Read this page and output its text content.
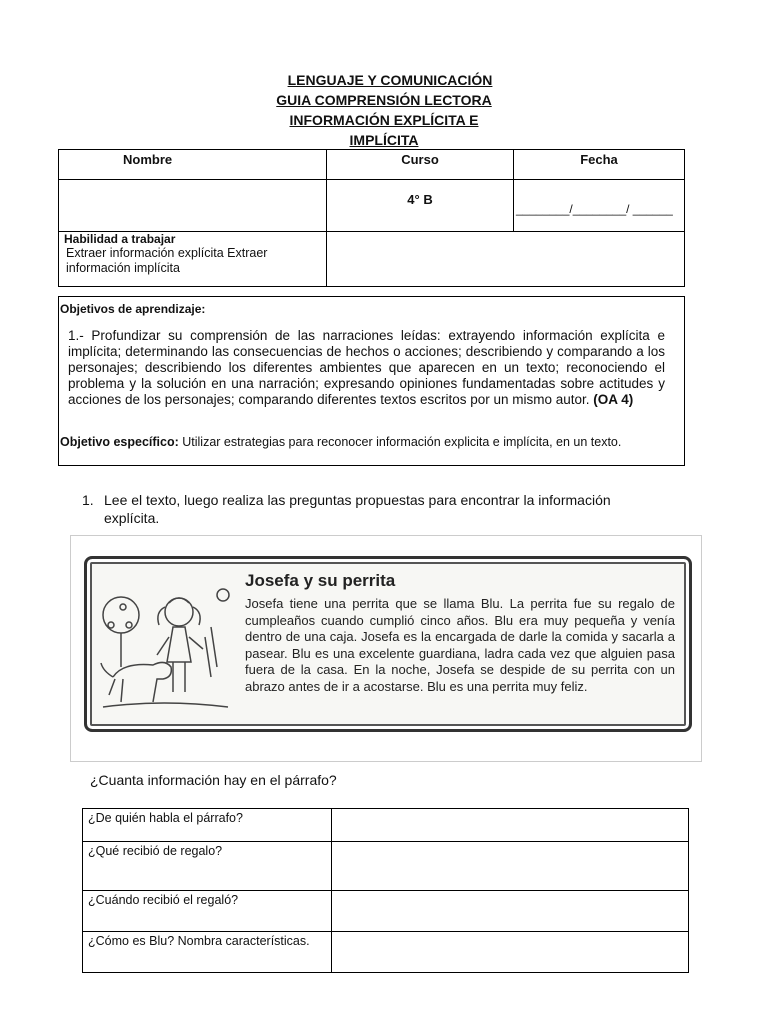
LENGUAJE Y COMUNICACIÓN
GUIA COMPRENSIÓN LECTORA
INFORMACIÓN EXPLÍCITA E
IMPLÍCITA
Nombre	Curso	Fecha
4° B
________/________/ ______
Habilidad a trabajar
Extraer información explícita Extraer información implícita
Objetivos de aprendizaje:
1.- Profundizar su comprensión de las narraciones leídas: extrayendo información explícita e implícita; determinando las consecuencias de hechos o acciones; describiendo y comparando a los personajes; describiendo los diferentes ambientes que aparecen en un texto; reconociendo el problema y la solución en una narración; expresando opiniones fundamentadas sobre actitudes y acciones de los personajes; comparando diferentes textos escritos por un mismo autor. (OA 4)
Objetivo específico: Utilizar estrategias para reconocer información explicita e implícita, en un texto.
1. Lee el texto, luego realiza las preguntas propuestas para encontrar la información explícita.
Josefa y su perrita
Josefa tiene una perrita que se llama Blu. La perrita fue su regalo de cumpleaños cuando cumplió cinco años. Blu era muy pequeña y venía dentro de una caja. Josefa es la encargada de darle la comida y sacarla a pasear. Blu es una excelente guardiana, ladra cada vez que alguien pasa fuera de la casa. En la noche, Josefa se despide de su perrita con un abrazo antes de ir a acostarse. Blu es una perrita muy feliz.
¿Cuanta información hay en el párrafo?
¿De quién habla el párrafo?
¿Qué recibió de regalo?
¿Cuándo recibió el regaló?
¿Cómo es Blu? Nombra características.
